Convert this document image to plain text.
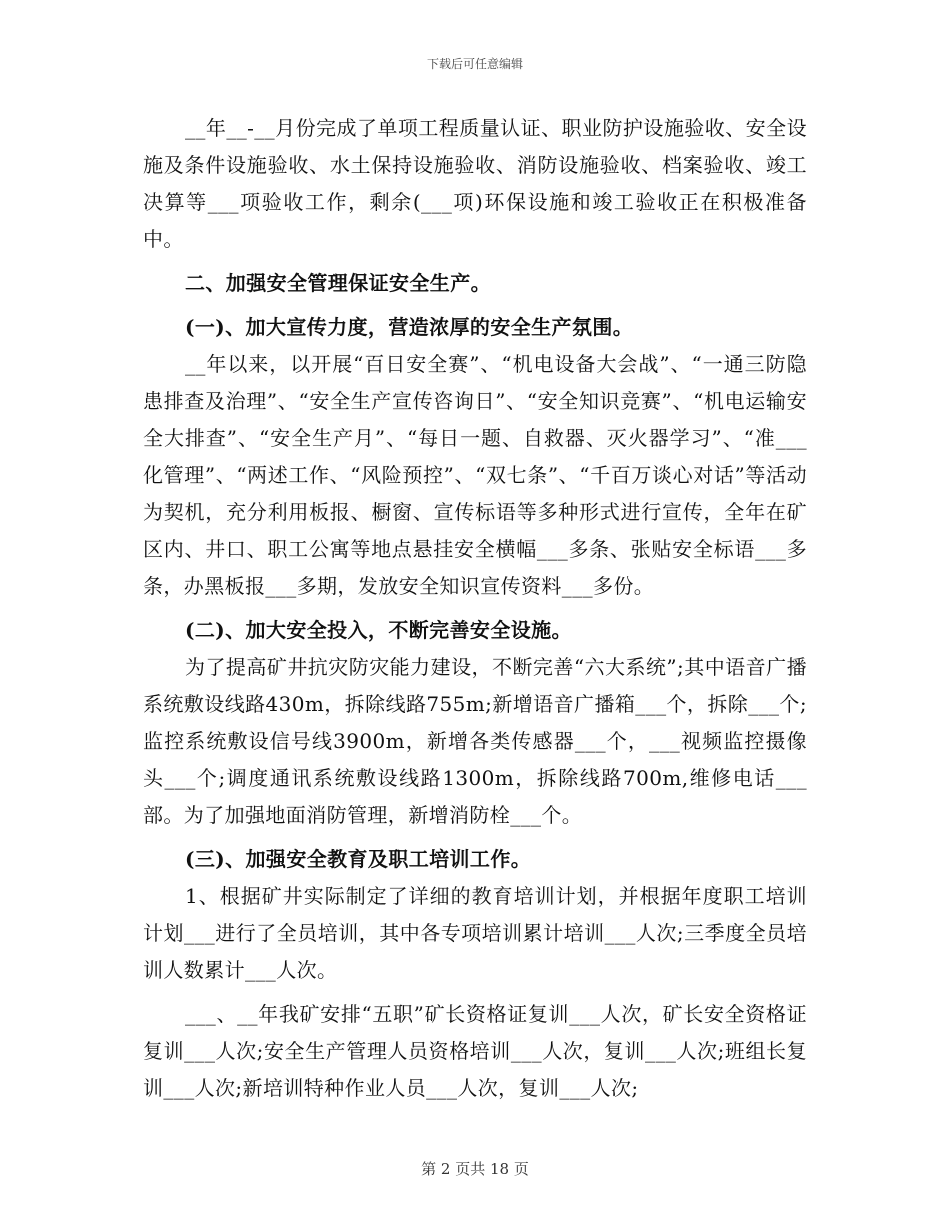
下载后可任意编辑

__年__-__月份完成了单项工程质量认证、职业防护设施验收、安全设施及条件设施验收、水土保持设施验收、消防设施验收、档案验收、竣工决算等___项验收工作，剩余(___项)环保设施和竣工验收正在积极准备中。

二、加强安全管理保证安全生产。

(一)、加大宣传力度，营造浓厚的安全生产氛围。

__年以来，以开展“百日安全赛”、“机电设备大会战”、“一通三防隐患排查及治理”、“安全生产宣传咨询日”、“安全知识竞赛”、“机电运输安全大排查”、“安全生产月”、“每日一题、自救器、灭火器学习”、“准___化管理”、“两述工作、“风险预控”、“双七条”、“千百万谈心对话”等活动为契机，充分利用板报、橱窗、宣传标语等多种形式进行宣传，全年在矿区内、井口、职工公寓等地点悬挂安全横幅___多条、张贴安全标语___多条，办黑板报___多期，发放安全知识宣传资料___多份。

(二)、加大安全投入，不断完善安全设施。

为了提高矿井抗灾防灾能力建设，不断完善“六大系统”;其中语音广播系统敷设线路430m，拆除线路755m;新增语音广播箱___个，拆除___个;监控系统敷设信号线3900m，新增各类传感器___个，___视频监控摄像头___个;调度通讯系统敷设线路1300m，拆除线路700m,维修电话___部。为了加强地面消防管理，新增消防栓___个。

(三)、加强安全教育及职工培训工作。

1、根据矿井实际制定了详细的教育培训计划，并根据年度职工培训计划___进行了全员培训，其中各专项培训累计培训___人次;三季度全员培训人数累计___人次。

___、__年我矿安排“五职”矿长资格证复训___人次，矿长安全资格证复训___人次;安全生产管理人员资格培训___人次，复训___人次;班组长复训___人次;新培训特种作业人员___人次，复训___人次;

第 2 页共 18 页
